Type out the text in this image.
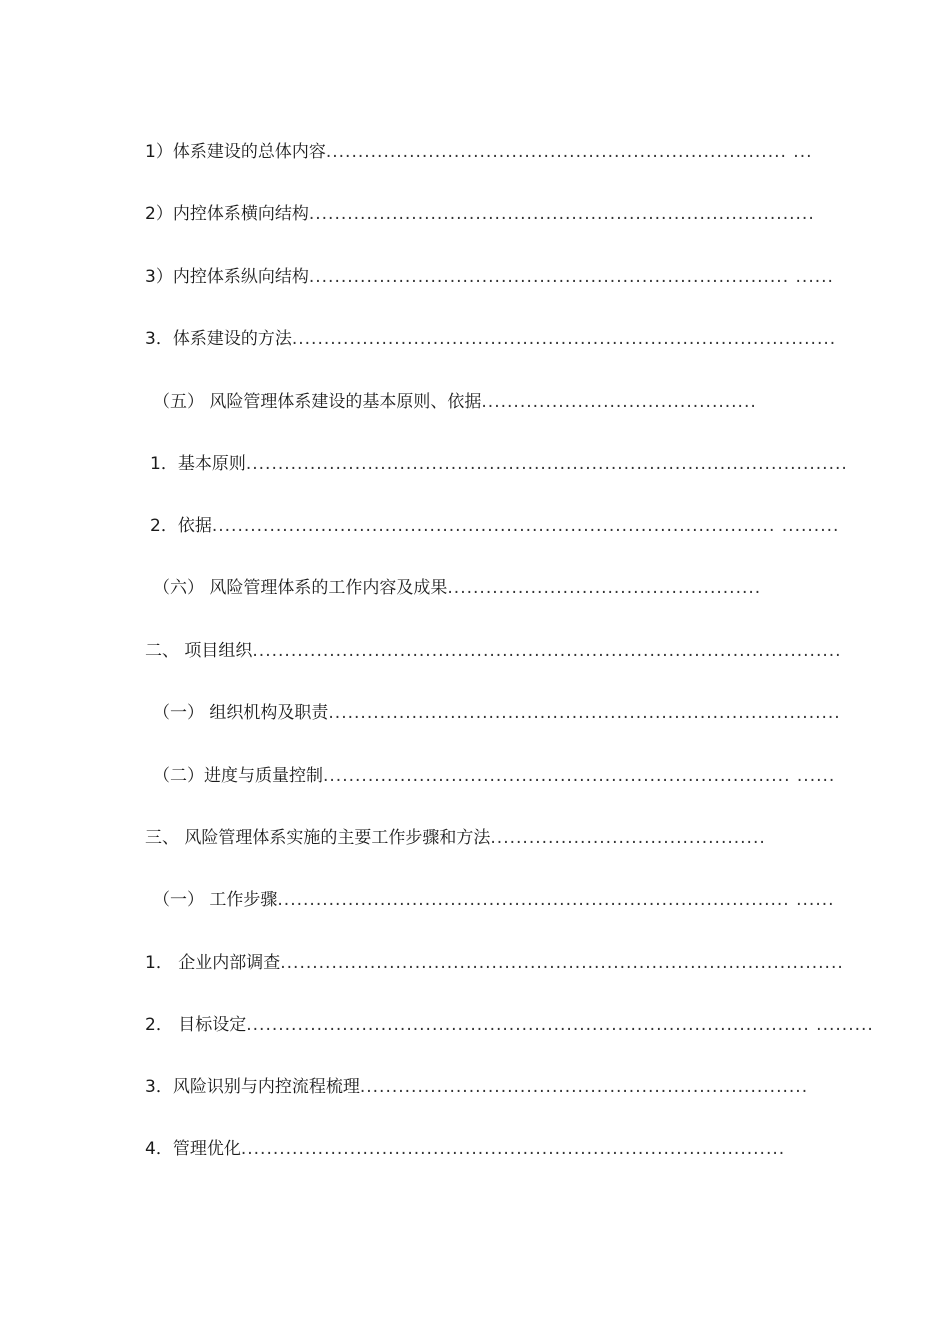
1）体系建设的总体内容........................................................................ ...
2）内控体系横向结构...............................................................................
3）内控体系纵向结构........................................................................... ......
3．体系建设的方法.....................................................................................
（五） 风险管理体系建设的基本原则、依据...........................................
1．基本原则..............................................................................................
2．依据........................................................................................ .........
（六） 风险管理体系的工作内容及成果.................................................
二、 项目组织............................................................................................
（一） 组织机构及职责................................................................................
（二）进度与质量控制......................................................................... ......
三、 风险管理体系实施的主要工作步骤和方法...........................................
（一） 工作步骤................................................................................ ......
1． 企业内部调查........................................................................................
2． 目标设定........................................................................................ .........
3．风险识别与内控流程梳理......................................................................
4．管理优化.....................................................................................
